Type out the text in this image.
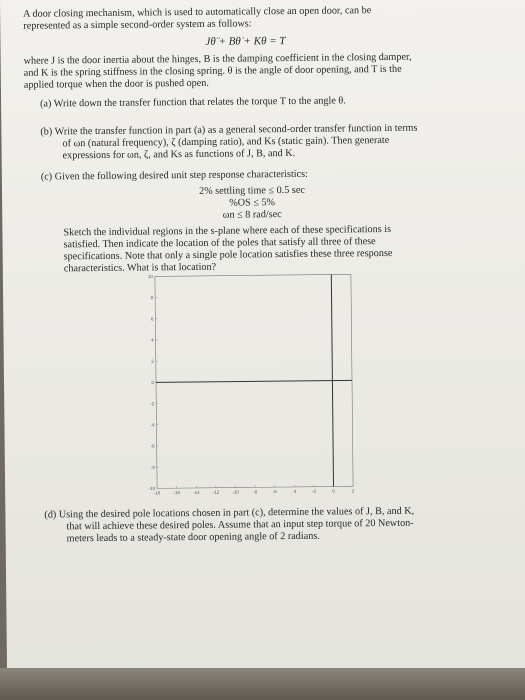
A door closing mechanism, which is used to automatically close an open door, can be
represented as a simple second-order system as follows:
Jθ̈ + Bθ̇ + Kθ = T
where J is the door inertia about the hinges, B is the damping coefficient in the closing damper,
and K is the spring stiffness in the closing spring. θ is the angle of door opening, and T is the
applied torque when the door is pushed open.
(a) Write down the transfer function that relates the torque T to the angle θ.
(b) Write the transfer function in part (a) as a general second-order transfer function in terms
of ωn (natural frequency), ζ (damping ratio), and Ks (static gain). Then generate
expressions for ωn, ζ, and Ks as functions of J, B, and K.
(c) Given the following desired unit step response characteristics:
2% settling time ≤ 0.5 sec
%OS ≤ 5%
ωn ≤ 8 rad/sec
Sketch the individual regions in the s-plane where each of these specifications is
satisfied. Then indicate the location of the poles that satisfy all three of these
specifications. Note that only a single pole location satisfies these three response
characteristics. What is that location?
10
8
6
4
2
0
-2
-4
-6
-8
-10
-18	-16	-14	-12	-10	-8	-6	-4	-2	0	2
(d) Using the desired pole locations chosen in part (c), determine the values of J, B, and K,
that will achieve these desired poles. Assume that an input step torque of 20 Newton-
meters leads to a steady-state door opening angle of 2 radians.
